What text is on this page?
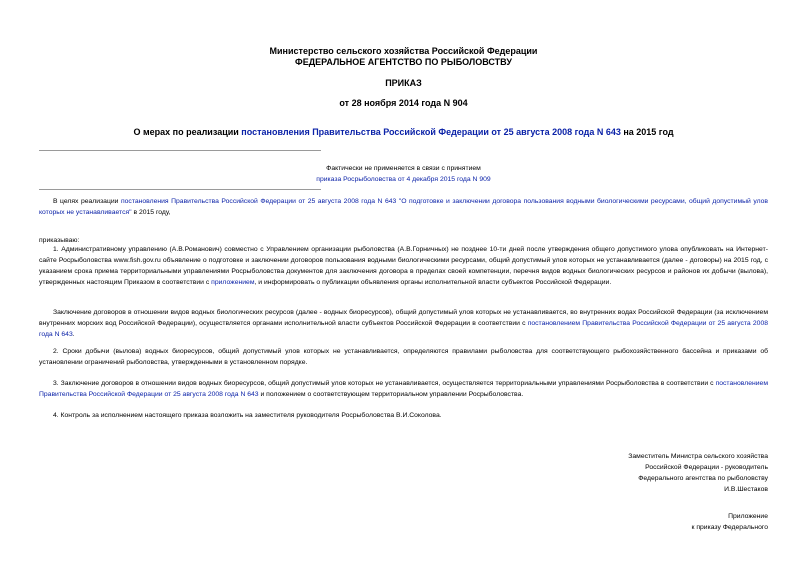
Министерство сельского хозяйства Российской Федерации
ФЕДЕРАЛЬНОЕ АГЕНТСТВО ПО РЫБОЛОВСТВУ
ПРИКАЗ
от 28 ноября 2014 года N 904
О мерах по реализации постановления Правительства Российской Федерации от 25 августа 2008 года N 643 на 2015 год
Фактически не применяется в связи с принятием
приказа Росрыболовства от 4 декабря 2015 года N 909
В целях реализации постановления Правительства Российской Федерации от 25 августа 2008 года N 643 "О подготовке и заключении договора пользования водными биологическими ресурсами, общий допустимый улов которых не устанавливается" в 2015 году,
приказываю:
1. Административному управлению (А.В.Романович) совместно с Управлением организации рыболовства (А.В.Горничных) не позднее 10-ти дней после утверждения общего допустимого улова опубликовать на Интернет-сайте Росрыболовства www.fish.gov.ru объявление о подготовке и заключении договоров пользования водными биологическими ресурсами, общий допустимый улов которых не устанавливается (далее - договоры) на 2015 год, с указанием срока приема территориальными управлениями Росрыболовства документов для заключения договора в пределах своей компетенции, перечня видов водных биологических ресурсов и районов их добычи (вылова), утвержденных настоящим Приказом в соответствии с приложением, и информировать о публикации объявления органы исполнительной власти субъектов Российской Федерации.
Заключение договоров в отношении видов водных биологических ресурсов (далее - водных биоресурсов), общий допустимый улов которых не устанавливается, во внутренних водах Российской Федерации (за исключением внутренних морских вод Российской Федерации), осуществляется органами исполнительной власти субъектов Российской Федерации в соответствии с постановлением Правительства Российской Федерации от 25 августа 2008 года N 643.
2. Сроки добычи (вылова) водных биоресурсов, общий допустимый улов которых не устанавливается, определяются правилами рыболовства для соответствующего рыбохозяйственного бассейна и приказами об установлении ограничений рыболовства, утвержденными в установленном порядке.
3. Заключение договоров в отношении видов водных биоресурсов, общий допустимый улов которых не устанавливается, осуществляется территориальными управлениями Росрыболовства в соответствии с постановлением Правительства Российской Федерации от 25 августа 2008 года N 643 и положением о соответствующем территориальном управлении Росрыболовства.
4. Контроль за исполнением настоящего приказа возложить на заместителя руководителя Росрыболовства В.И.Соколова.
Заместитель Министра сельского хозяйства
Российской Федерации - руководитель
Федерального агентства по рыболовству
И.В.Шестаков
Приложение
к приказу Федерального
